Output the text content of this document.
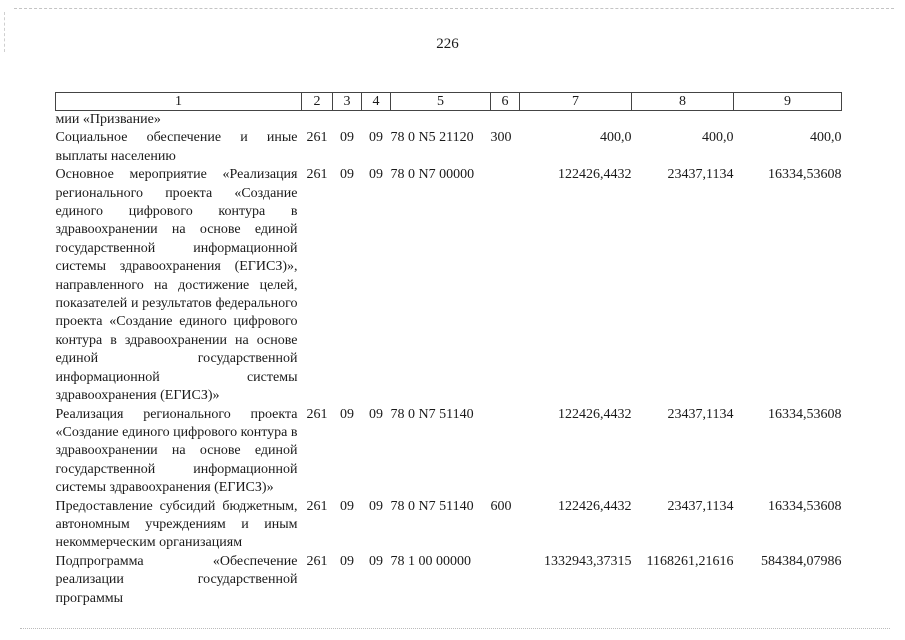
226
1	2	3	4	5	6	7	8	9
мии «Призвание»								
Социальное обеспечение и иные выплаты населению	261	09	09	78 0 N5 21120	300	400,0	400,0	400,0
Основное мероприятие «Реализация регионального проекта «Создание единого цифрового контура в здравоохранении на основе единой государственной информационной системы здравоохранения (ЕГИСЗ)», направленного на достижение целей, показателей и результатов федерального проекта «Создание единого цифрового контура в здравоохранении на основе единой государственной информационной системы здравоохранения (ЕГИСЗ)»	261	09	09	78 0 N7 00000		122426,4432	23437,1134	16334,53608
Реализация регионального проекта «Создание единого цифрового контура в здравоохранении на основе единой государственной информационной системы здравоохранения (ЕГИСЗ)»	261	09	09	78 0 N7 51140		122426,4432	23437,1134	16334,53608
Предоставление субсидий бюджетным, автономным учреждениям и иным некоммерческим организациям	261	09	09	78 0 N7 51140	600	122426,4432	23437,1134	16334,53608
Подпрограмма «Обеспечение реализации государственной программы	261	09	09	78 1 00 00000		1332943,37315	1168261,21616	584384,07986
